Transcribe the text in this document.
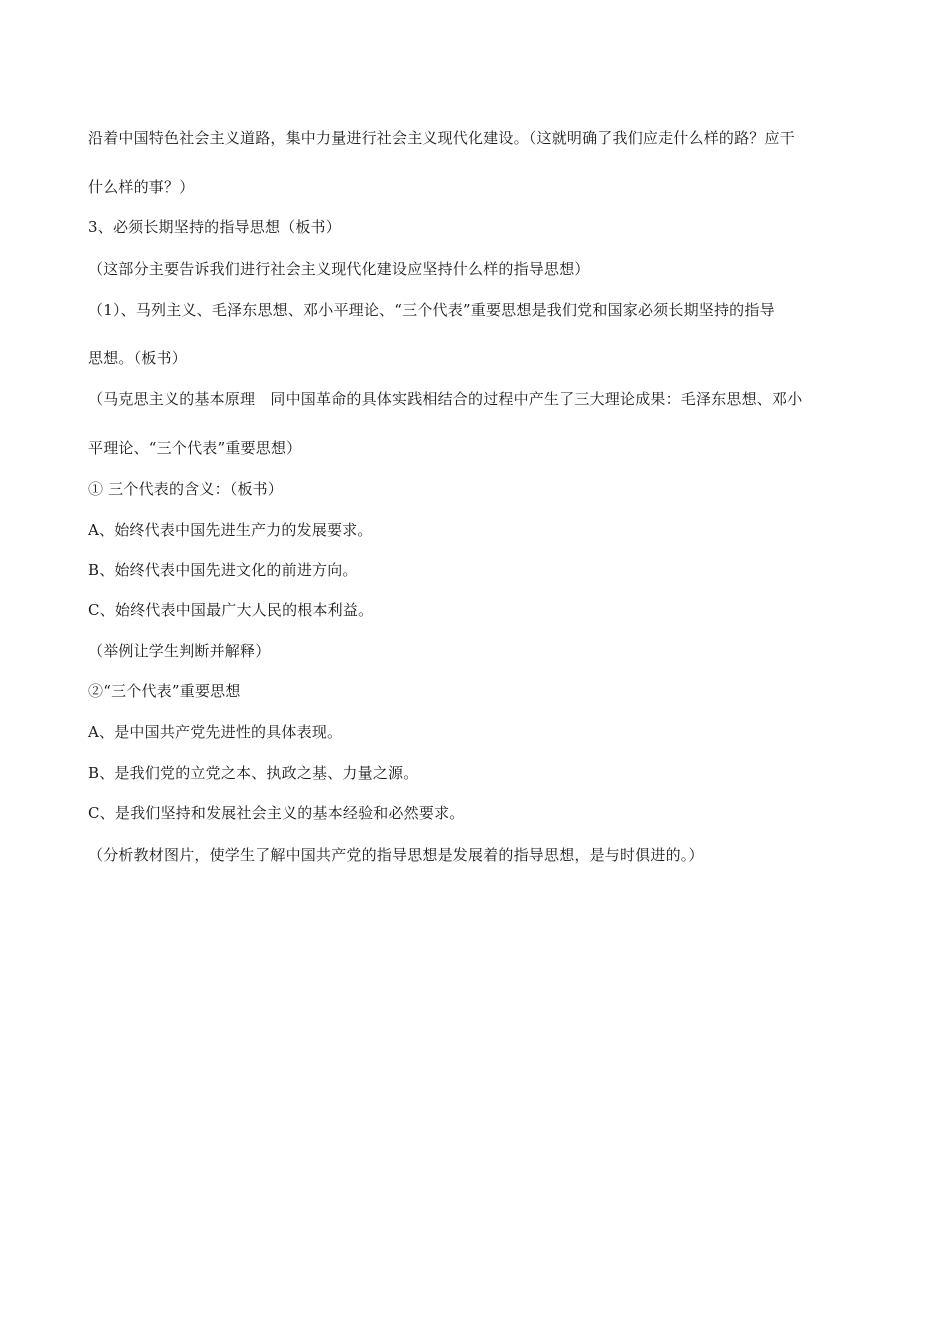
沿着中国特色社会主义道路，集中力量进行社会主义现代化建设。（这就明确了我们应走什么样的路？应干
什么样的事？）
3、必须长期坚持的指导思想（板书）
（这部分主要告诉我们进行社会主义现代化建设应坚持什么样的指导思想）
（1）、马列主义、毛泽东思想、邓小平理论、“三个代表”重要思想是我们党和国家必须长期坚持的指导
思想。（板书）
（马克思主义的基本原理　同中国革命的具体实践相结合的过程中产生了三大理论成果：毛泽东思想、邓小
平理论、“三个代表”重要思想）
① 三个代表的含义：（板书）
A、始终代表中国先进生产力的发展要求。
B、始终代表中国先进文化的前进方向。
C、始终代表中国最广大人民的根本利益。
（举例让学生判断并解释）
②“三个代表”重要思想
A、是中国共产党先进性的具体表现。
B、是我们党的立党之本、执政之基、力量之源。
C、是我们坚持和发展社会主义的基本经验和必然要求。
（分析教材图片，使学生了解中国共产党的指导思想是发展着的指导思想，是与时俱进的。）
